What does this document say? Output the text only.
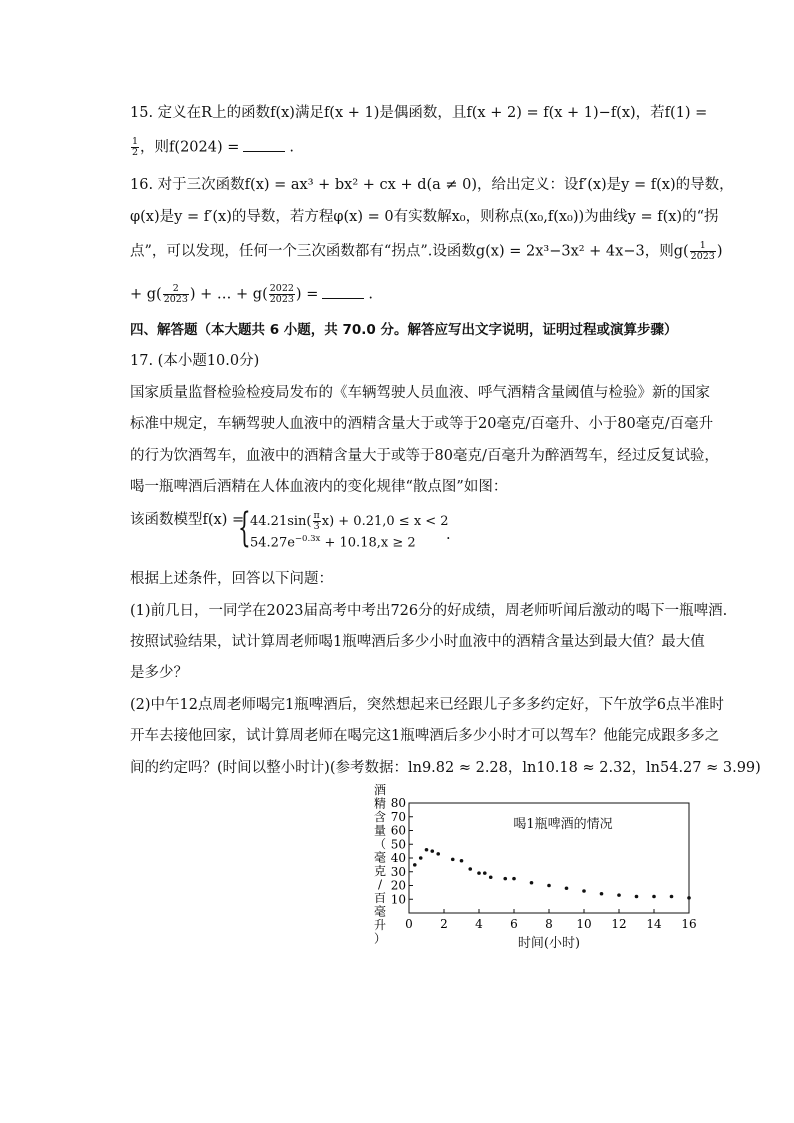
15. 定义在R上的函数f(x)满足f(x + 1)是偶函数，且f(x + 2) = f(x + 1)−f(x)，若f(1) =
$\frac{1}{2}$ ，则f(2024) =	.
16. 对于三次函数f(x) = ax³ + bx² + cx + d(a ≠ 0)，给出定义：设f′(x)是y = f(x)的导数，
φ(x)是y = f′(x)的导数，若方程φ(x) = 0有实数解x₀，则称点(x₀,f(x₀))为曲线y = f(x)的“拐
点”，可以发现，任何一个三次函数都有“拐点”.设函数g(x) = 2x³−3x² + 4x−3，则$g( \frac{1}{2023}$ )
+ $g( \frac{2}{2023}$ ) + … + $g( \frac{2022}{2023}$ ) =	.
四、解答题（本大题共 6 小题，共 70.0 分。解答应写出文字说明，证明过程或演算步骤）
17. (本小题10.0分)
国家质量监督检验检疫局发布的《车辆驾驶人员血液、呼气酒精含量阈值与检验》新的国家
标准中规定，车辆驾驶人血液中的酒精含量大于或等于20毫克/百毫升、小于80毫克/百毫升
的行为饮酒驾车，血液中的酒精含量大于或等于80毫克/百毫升为醉酒驾车，经过反复试验，
喝一瓶啤酒后酒精在人体血液内的变化规律“散点图”如图：
该函数模型f(x) =
{ $44.21\sin( \frac{\pi}{3} x) + 0.21,0 \le x < 2$
$54.27e^{-0.3x} + 10.18,x \ge 2$ .
根据上述条件，回答以下问题：
(1)前几日，一同学在2023届高考中考出726分的好成绩，周老师听闻后激动的喝下一瓶啤酒.
按照试验结果，试计算周老师喝1瓶啤酒后多少小时血液中的酒精含量达到最大值？最大值
是多少？
(2)中午12点周老师喝完1瓶啤酒后，突然想起来已经跟儿子多多约定好，下午放学6点半准时
开车去接他回家，试计算周老师在喝完这1瓶啤酒后多少小时才可以驾车？他能完成跟多多之
间的约定吗？(时间以整小时计)(参考数据：ln9.82 ≈ 2.28，ln10.18 ≈ 2.32，ln54.27 ≈ 3.99)
酒
精
含
量
（
毫
克
/
百
毫
升
）
喝1瓶啤酒的情况
10
20
30
40
50
60
70
80
0 2 4 6 8 10 12 14 16
时间(小时)
